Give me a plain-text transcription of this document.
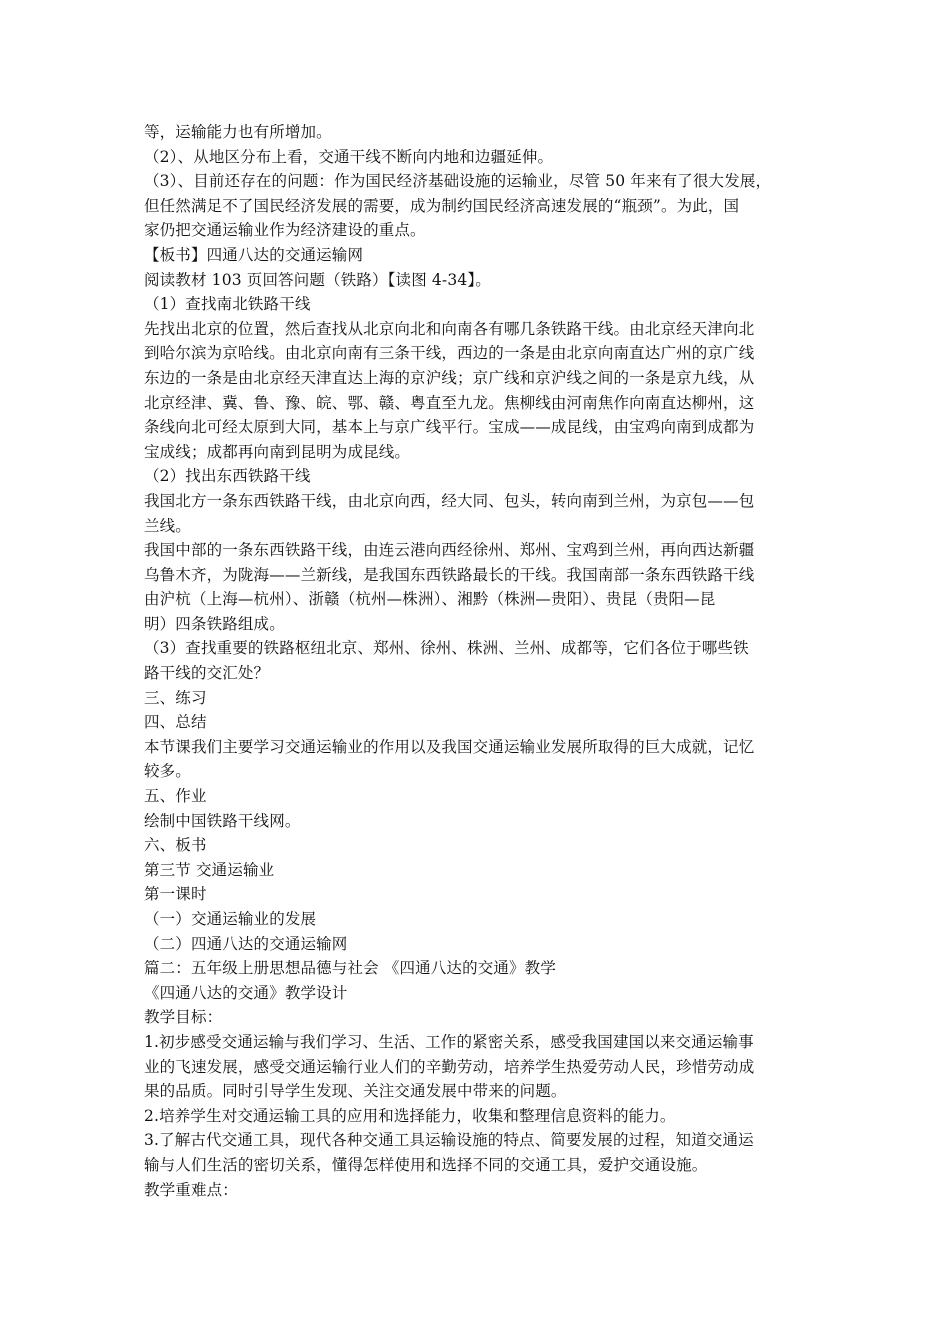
等，运输能力也有所增加。
（2）、从地区分布上看，交通干线不断向内地和边疆延伸。
（3）、目前还存在的问题：作为国民经济基础设施的运输业，尽管 50 年来有了很大发展，
但任然满足不了国民经济发展的需要，成为制约国民经济高速发展的“瓶颈”。为此，国
家仍把交通运输业作为经济建设的重点。
【板书】四通八达的交通运输网
阅读教材 103 页回答问题（铁路）【读图 4-34】。
（1）查找南北铁路干线
先找出北京的位置，然后查找从北京向北和向南各有哪几条铁路干线。由北京经天津向北
到哈尔滨为京哈线。由北京向南有三条干线，西边的一条是由北京向南直达广州的京广线
东边的一条是由北京经天津直达上海的京沪线；京广线和京沪线之间的一条是京九线，从
北京经津、冀、鲁、豫、皖、鄂、赣、粤直至九龙。焦柳线由河南焦作向南直达柳州，这
条线向北可经太原到大同，基本上与京广线平行。宝成——成昆线，由宝鸡向南到成都为
宝成线；成都再向南到昆明为成昆线。
（2）找出东西铁路干线
我国北方一条东西铁路干线，由北京向西，经大同、包头，转向南到兰州，为京包——包
兰线。
我国中部的一条东西铁路干线，由连云港向西经徐州、郑州、宝鸡到兰州，再向西达新疆
乌鲁木齐，为陇海——兰新线，是我国东西铁路最长的干线。我国南部一条东西铁路干线
由沪杭（上海—杭州）、浙赣（杭州—株洲）、湘黔（株洲—贵阳）、贵昆（贵阳—昆
明）四条铁路组成。
（3）查找重要的铁路枢纽北京、郑州、徐州、株洲、兰州、成都等，它们各位于哪些铁
路干线的交汇处？
三、练习
四、总结
本节课我们主要学习交通运输业的作用以及我国交通运输业发展所取得的巨大成就，记忆
较多。
五、作业
绘制中国铁路干线网。
六、板书
第三节 交通运输业
第一课时
（一）交通运输业的发展
（二）四通八达的交通运输网
篇二：五年级上册思想品德与社会 《四通八达的交通》教学
《四通八达的交通》教学设计
教学目标：
1.初步感受交通运输与我们学习、生活、工作的紧密关系，感受我国建国以来交通运输事
业的飞速发展，感受交通运输行业人们的辛勤劳动，培养学生热爱劳动人民，珍惜劳动成
果的品质。同时引导学生发现、关注交通发展中带来的问题。
2.培养学生对交通运输工具的应用和选择能力，收集和整理信息资料的能力。
3.了解古代交通工具，现代各种交通工具运输设施的特点、简要发展的过程，知道交通运
输与人们生活的密切关系，懂得怎样使用和选择不同的交通工具，爱护交通设施。
教学重难点：
